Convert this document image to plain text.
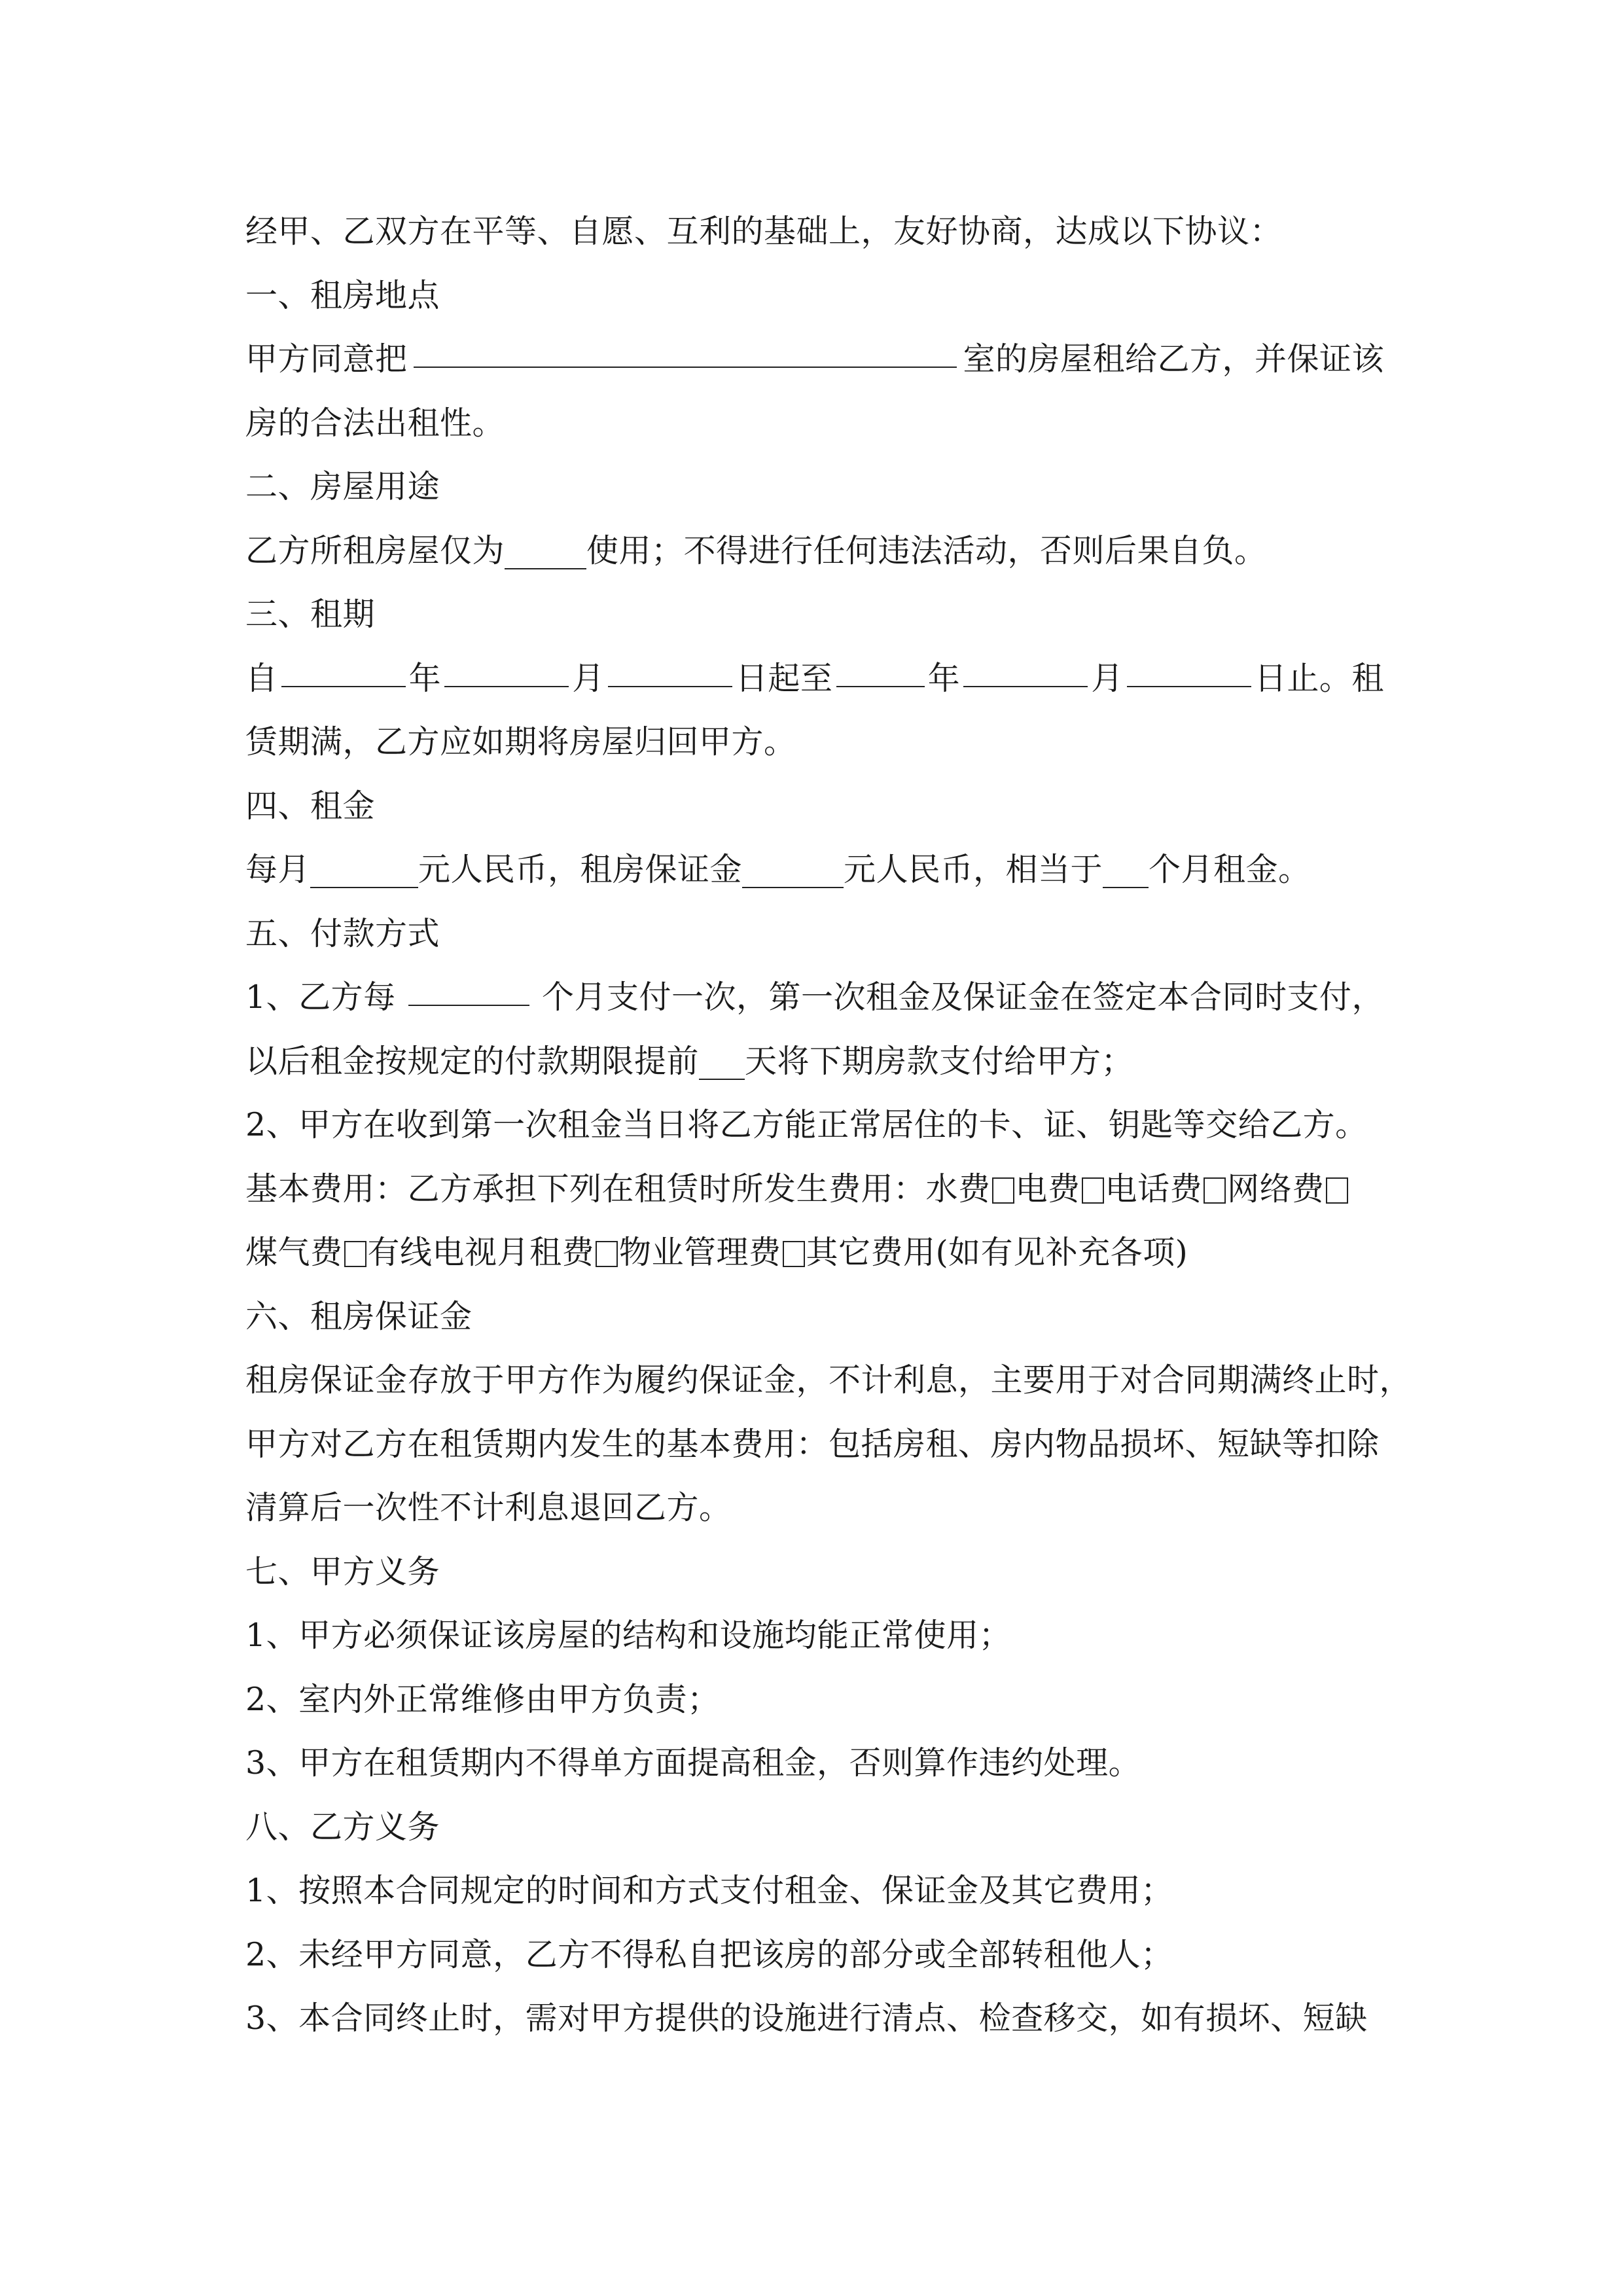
经甲、乙双方在平等、自愿、互利的基础上，友好协商，达成以下协议：
一、租房地点
甲方同意把	室的房屋租给乙方，并保证该
房的合法出租性。
二、房屋用途
乙方所租房屋仅为	使用；不得进行任何违法活动，否则后果自负。
三、租期
自	年	月	日起至	年	月	日止。租
赁期满，乙方应如期将房屋归回甲方。
四、租金
每月	元人民币，租房保证金	元人民币，相当于 个月租金。
五、付款方式
1、乙方每	个月支付一次，第一次租金及保证金在签定本合同时支付，
以后租金按规定的付款期限提前 天将下期房款支付给甲方；
2、甲方在收到第一次租金当日将乙方能正常居住的卡、证、钥匙等交给乙方。
基本费用：乙方承担下列在租赁时所发生费用：水费 电费 电话费 网络费
煤气费 有线电视月租费 物业管理费 其它费用(如有见补充各项)
六、租房保证金
租房保证金存放于甲方作为履约保证金，不计利息，主要用于对合同期满终止时，
甲方对乙方在租赁期内发生的基本费用：包括房租、房内物品损坏、短缺等扣除
清算后一次性不计利息退回乙方。
七、甲方义务
1、甲方必须保证该房屋的结构和设施均能正常使用；
2、室内外正常维修由甲方负责；
3、甲方在租赁期内不得单方面提高租金，否则算作违约处理。
八、乙方义务
1、按照本合同规定的时间和方式支付租金、保证金及其它费用；
2、未经甲方同意，乙方不得私自把该房的部分或全部转租他人；
3、本合同终止时，需对甲方提供的设施进行清点、检查移交，如有损坏、短缺
